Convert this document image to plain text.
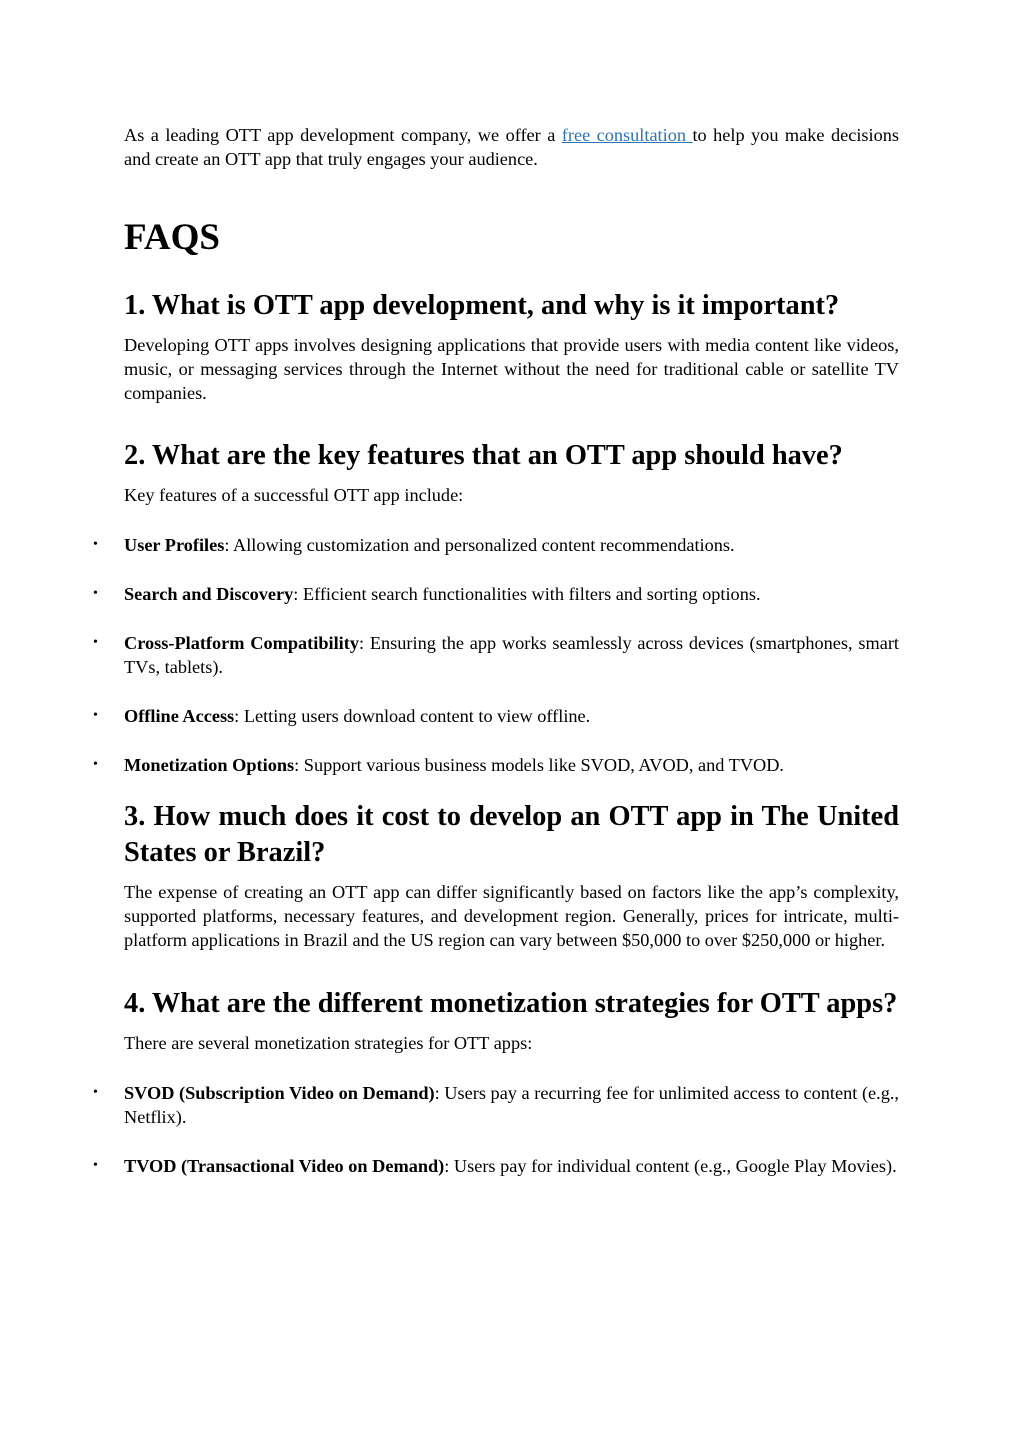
As a leading OTT app development company, we offer a free consultation to help you make decisions and create an OTT app that truly engages your audience.

FAQS
1. What is OTT app development, and why is it important?

Developing OTT apps involves designing applications that provide users with media content like videos, music, or messaging services through the Internet without the need for traditional cable or satellite TV companies.

2. What are the key features that an OTT app should have?

Key features of a successful OTT app include:

• User Profiles: Allowing customization and personalized content recommendations.
• Search and Discovery: Efficient search functionalities with filters and sorting options.
• Cross-Platform Compatibility: Ensuring the app works seamlessly across devices (smartphones, smart TVs, tablets).
• Offline Access: Letting users download content to view offline.
• Monetization Options: Support various business models like SVOD, AVOD, and TVOD.
3. How much does it cost to develop an OTT app in The United States or Brazil?

The expense of creating an OTT app can differ significantly based on factors like the app’s complexity, supported platforms, necessary features, and development region. Generally, prices for intricate, multi-platform applications in Brazil and the US region can vary between $50,000 to over $250,000 or higher.

4. What are the different monetization strategies for OTT apps?

There are several monetization strategies for OTT apps:

• SVOD (Subscription Video on Demand): Users pay a recurring fee for unlimited access to content (e.g., Netflix).
• TVOD (Transactional Video on Demand): Users pay for individual content (e.g., Google Play Movies).
